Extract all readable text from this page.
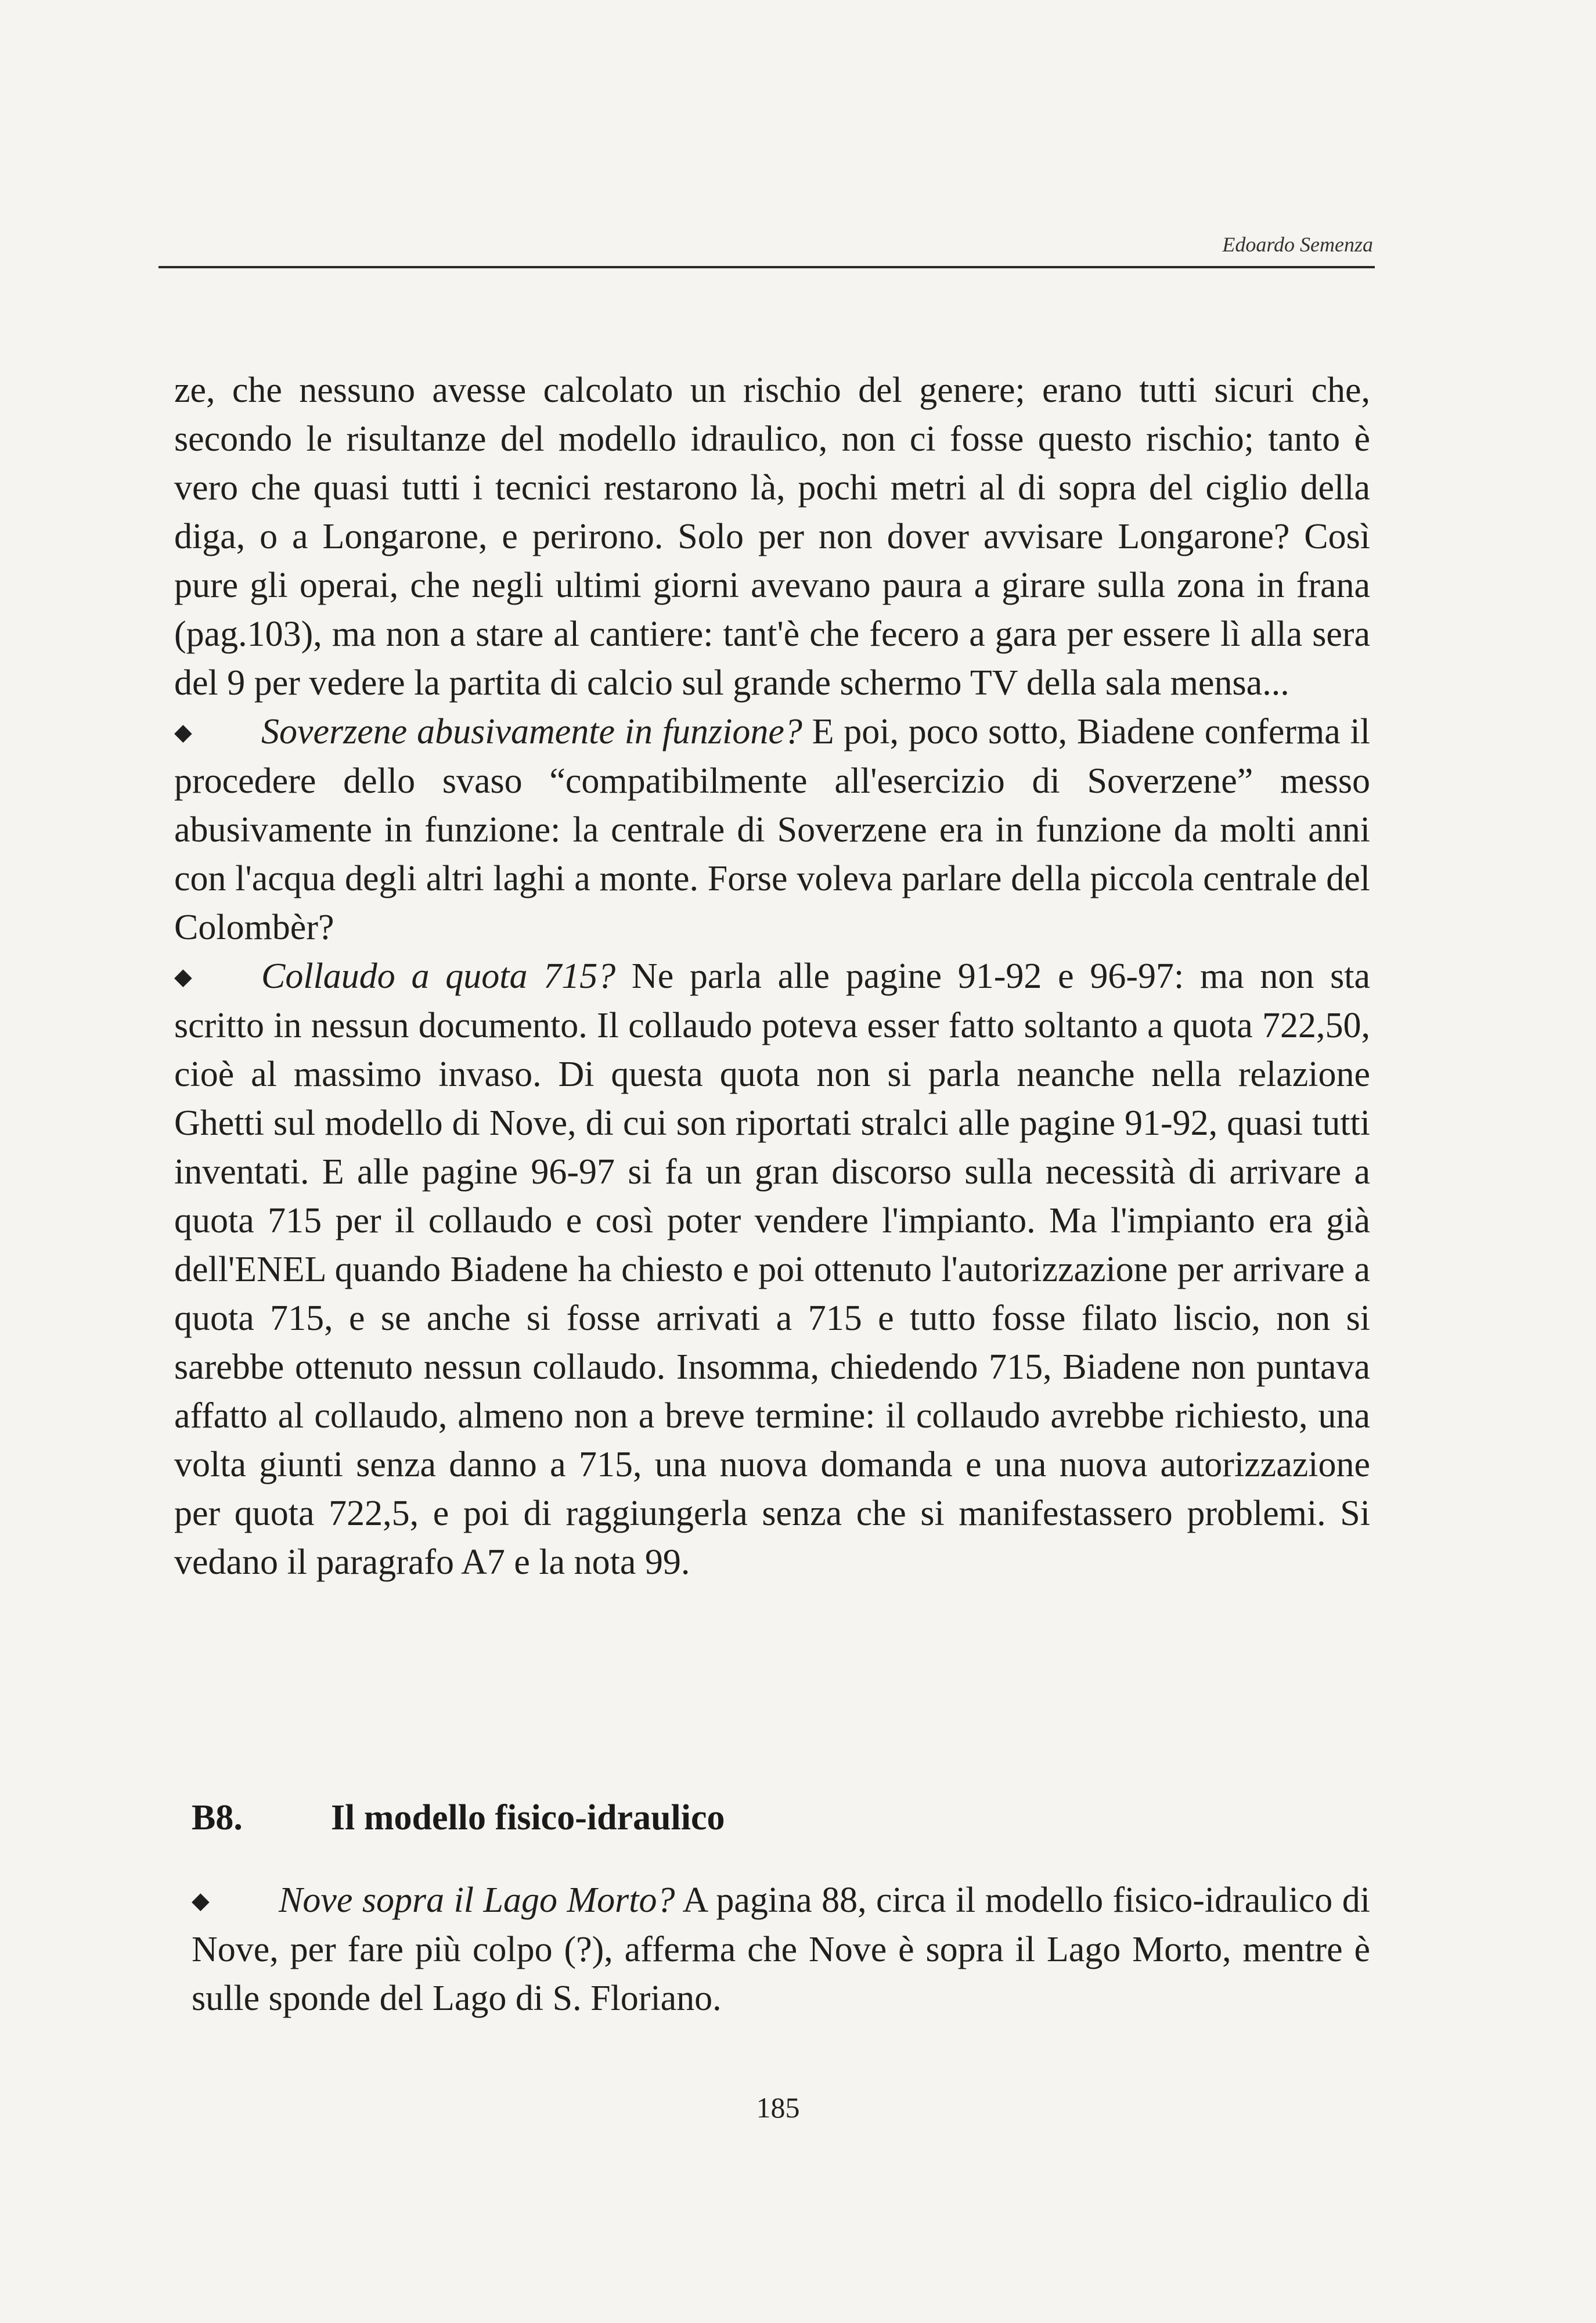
Edoardo Semenza

ze, che nessuno avesse calcolato un rischio del genere; erano tutti sicuri che, secondo le risultanze del modello idraulico, non ci fosse questo rischio; tanto è vero che quasi tutti i tecnici restarono là, pochi metri al di sopra del ciglio della diga, o a Longarone, e perirono. Solo per non dover avvisare Longarone? Così pure gli operai, che negli ultimi giorni avevano paura a girare sulla zona in frana (pag.103), ma non a stare al cantiere: tant'è che fecero a gara per essere lì alla sera del 9 per vedere la partita di calcio sul grande schermo TV della sala mensa...

◆ Soverzene abusivamente in funzione? E poi, poco sotto, Biadene conferma il procedere dello svaso “compatibilmente all'esercizio di Soverzene” messo abusivamente in funzione: la centrale di Soverzene era in funzione da molti anni con l'acqua degli altri laghi a monte. Forse voleva parlare della piccola centrale del Colombèr?

◆ Collaudo a quota 715? Ne parla alle pagine 91-92 e 96-97: ma non sta scritto in nessun documento. Il collaudo poteva esser fatto soltanto a quota 722,50, cioè al massimo invaso. Di questa quota non si parla neanche nella relazione Ghetti sul modello di Nove, di cui son riportati stralci alle pagine 91-92, quasi tutti inventati. E alle pagine 96-97 si fa un gran discorso sulla necessità di arrivare a quota 715 per il collaudo e così poter vendere l'impianto. Ma l'impianto era già dell'ENEL quando Biadene ha chiesto e poi ottenuto l'autorizzazione per arrivare a quota 715, e se anche si fosse arrivati a 715 e tutto fosse filato liscio, non si sarebbe ottenuto nessun collaudo. Insomma, chiedendo 715, Biadene non puntava affatto al collaudo, almeno non a breve termine: il collaudo avrebbe richiesto, una volta giunti senza danno a 715, una nuova domanda e una nuova autorizzazione per quota 722,5, e poi di raggiungerla senza che si manifestassero problemi. Si vedano il paragrafo A7 e la nota 99.

B8. Il modello fisico-idraulico

◆ Nove sopra il Lago Morto? A pagina 88, circa il modello fisico-idraulico di Nove, per fare più colpo (?), afferma che Nove è sopra il Lago Morto, mentre è sulle sponde del Lago di S. Floriano.

185
